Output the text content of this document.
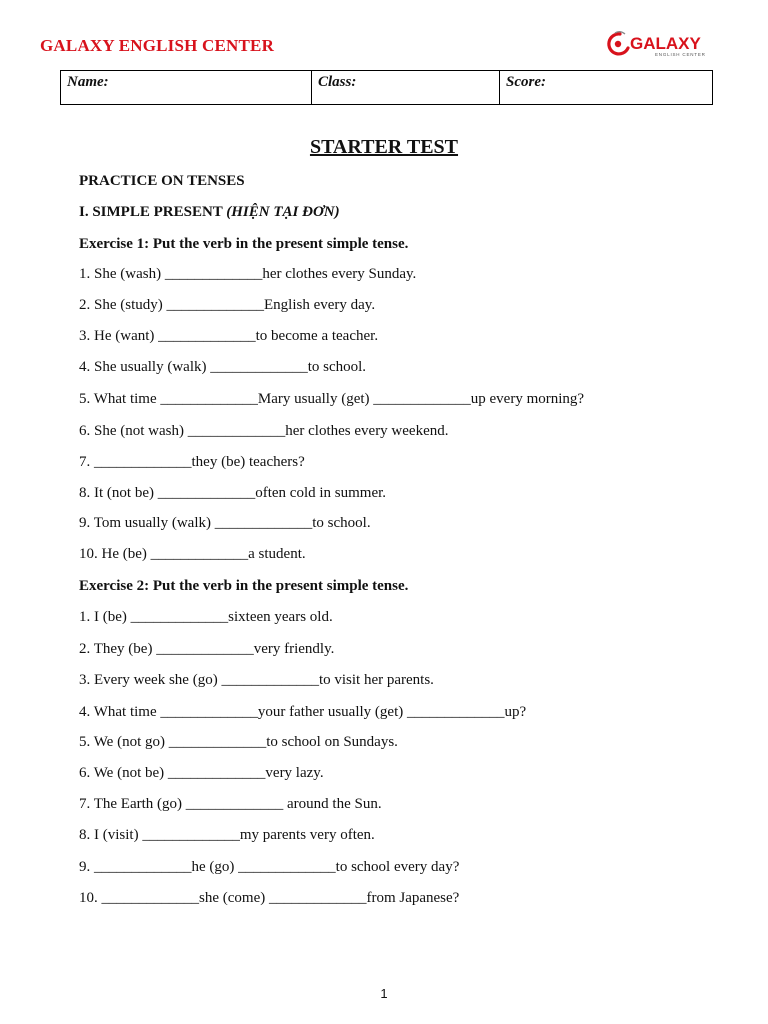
GALAXY ENGLISH CENTER	GALAXY
ENGLISH CENTER
Name:	Class:	Score:
STARTER TEST
PRACTICE ON TENSES
I. SIMPLE PRESENT (HIỆN TẠI ĐƠN)
Exercise 1: Put the verb in the present simple tense.
1. She (wash) _____________her clothes every Sunday.
2. She (study) _____________English every day.
3. He (want) _____________to become a teacher.
4. She usually (walk) _____________to school.
5. What time _____________Mary usually (get) _____________up every morning?
6. She (not wash) _____________her clothes every weekend.
7. _____________they (be) teachers?
8. It (not be) _____________often cold in summer.
9. Tom usually (walk) _____________to school.
10. He (be) _____________a student.
Exercise 2: Put the verb in the present simple tense.
1. I (be) _____________sixteen years old.
2. They (be) _____________very friendly.
3. Every week she (go) _____________to visit her parents.
4. What time _____________your father usually (get) _____________up?
5. We (not go) _____________to school on Sundays.
6. We (not be) _____________very lazy.
7. The Earth (go) _____________ around the Sun.
8. I (visit) _____________my parents very often.
9. _____________he (go) _____________to school every day?
10. _____________she (come) _____________from Japanese?
1
